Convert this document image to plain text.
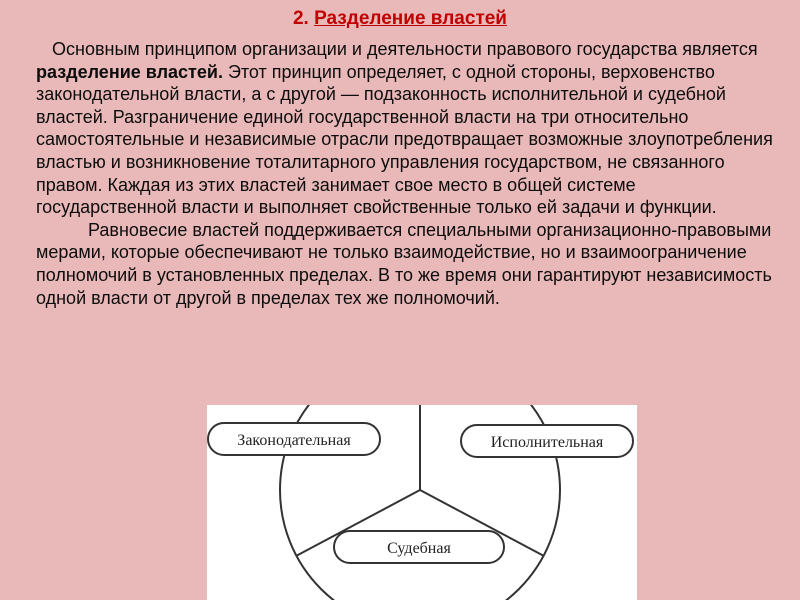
2. Разделение властей

Основным принципом организации и деятельности правового государства является разделение властей. Этот принцип определяет, с одной стороны, верховенство законодательной власти, а с другой — подзаконность исполнительной и судебной властей. Разграничение единой государственной власти на три относительно самостоятельные и независимые отрасли предотвращает возможные злоупотребления властью и возникновение тоталитарного управления государством, не связанного правом. Каждая из этих властей занимает свое место в общей системе государственной власти и выполняет свойственные только ей задачи и функции.

Равновесие властей поддерживается специальными организационно-правовыми мерами, которые обеспечивают не только взаимодействие, но и взаимоограничение полномочий в установленных пределах. В то же время они гарантируют независимость одной власти от другой в пределах тех же полномочий.

Законодательная	Исполнительная
Судебная
